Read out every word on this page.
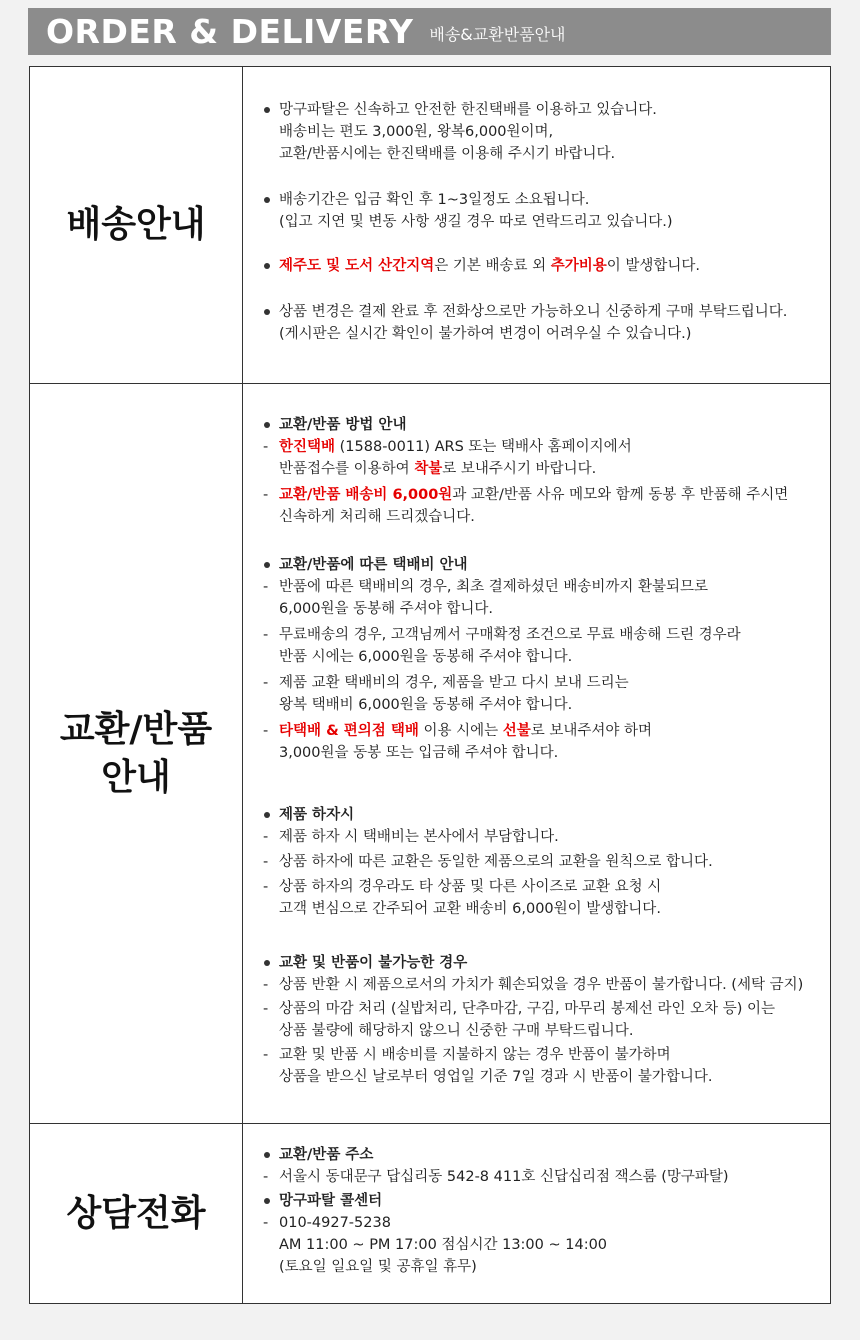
ORDER & DELIVERY 배송&교환반품안내
배송안내
망구파탈은 신속하고 안전한 한진택배를 이용하고 있습니다.
배송비는 편도 3,000원, 왕복6,000원이며,
교환/반품시에는 한진택배를 이용해 주시기 바랍니다.
배송기간은 입금 확인 후 1~3일정도 소요됩니다.
(입고 지연 및 변동 사항 생길 경우 따로 연락드리고 있습니다.)
제주도 및 도서 산간지역은 기본 배송료 외 추가비용이 발생합니다.
상품 변경은 결제 완료 후 전화상으로만 가능하오니 신중하게 구매 부탁드립니다.
(게시판은 실시간 확인이 불가하여 변경이 어려우실 수 있습니다.)
교환/반품
안내
교환/반품 방법 안내
- 한진택배 (1588-0011) ARS 또는 택배사 홈페이지에서
반품접수를 이용하여 착불로 보내주시기 바랍니다.
- 교환/반품 배송비 6,000원과 교환/반품 사유 메모와 함께 동봉 후 반품해 주시면
신속하게 처리해 드리겠습니다.
교환/반품에 따른 택배비 안내
- 반품에 따른 택배비의 경우, 최초 결제하셨던 배송비까지 환불되므로
6,000원을 동봉해 주셔야 합니다.
- 무료배송의 경우, 고객님께서 구매확정 조건으로 무료 배송해 드린 경우라
반품 시에는 6,000원을 동봉해 주셔야 합니다.
- 제품 교환 택배비의 경우, 제품을 받고 다시 보내 드리는
왕복 택배비 6,000원을 동봉해 주셔야 합니다.
- 타택배 & 편의점 택배 이용 시에는 선불로 보내주셔야 하며
3,000원을 동봉 또는 입금해 주셔야 합니다.
제품 하자시
- 제품 하자 시 택배비는 본사에서 부담합니다.
- 상품 하자에 따른 교환은 동일한 제품으로의 교환을 원칙으로 합니다.
- 상품 하자의 경우라도 타 상품 및 다른 사이즈로 교환 요청 시
고객 변심으로 간주되어 교환 배송비 6,000원이 발생합니다.
교환 및 반품이 불가능한 경우
- 상품 반환 시 제품으로서의 가치가 훼손되었을 경우 반품이 불가합니다. (세탁 금지)
- 상품의 마감 처리 (실밥처리, 단추마감, 구김, 마무리 봉제선 라인 오차 등) 이는
상품 불량에 해당하지 않으니 신중한 구매 부탁드립니다.
- 교환 및 반품 시 배송비를 지불하지 않는 경우 반품이 불가하며
상품을 받으신 날로부터 영업일 기준 7일 경과 시 반품이 불가합니다.
상담전화
교환/반품 주소
- 서울시 동대문구 답십리동 542-8 411호 신답십리점 잭스룸 (망구파탈)
망구파탈 콜센터
- 010-4927-5238
AM 11:00 ~ PM 17:00 점심시간 13:00 ~ 14:00
(토요일 일요일 및 공휴일 휴무)
